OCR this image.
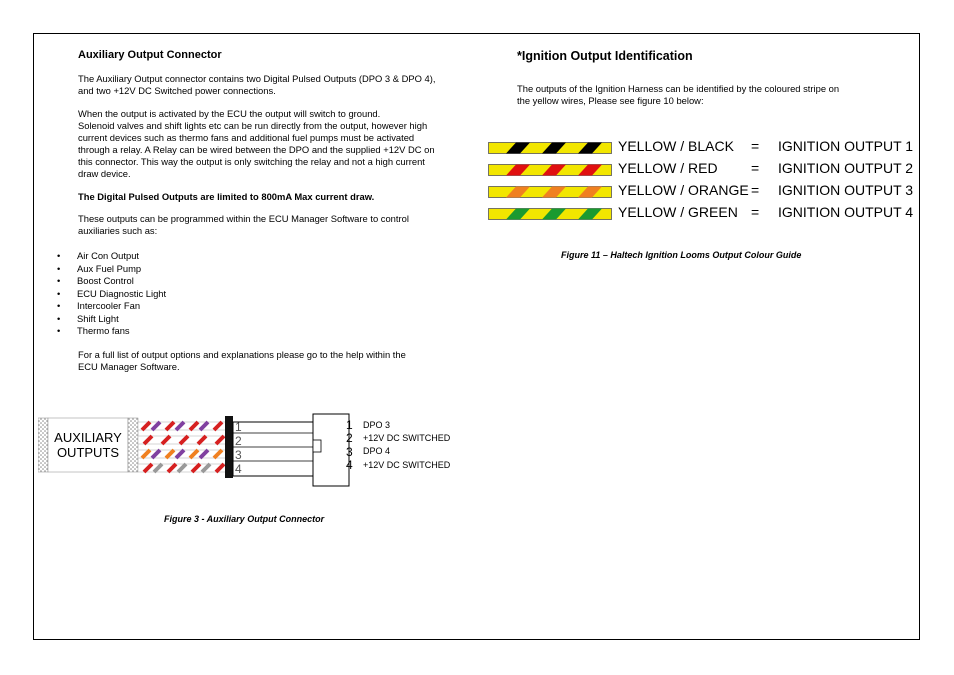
Auxiliary Output Connector
The Auxiliary Output connector contains two Digital Pulsed Outputs (DPO 3 & DPO 4),
and two +12V DC Switched power connections.
When the output is activated by the ECU the output will switch to ground.
Solenoid valves and shift lights etc can be run directly from the output, however high
current devices such as thermo fans and additional fuel pumps must be activated
through a relay. A Relay can be wired between the DPO and the supplied +12V DC on
this connector. This way the output is only switching the relay and not a high current
draw device.
The Digital Pulsed Outputs are limited to 800mA Max current draw.
These outputs can be programmed within the ECU Manager Software to control
auxiliaries such as:
• Air Con Output
• Aux Fuel Pump
• Boost Control
• ECU Diagnostic Light
• Intercooler Fan
• Shift Light
• Thermo fans
For a full list of output options and explanations please go to the help within the
ECU Manager Software.
AUXILIARY
OUTPUTS
1
2
3
4
1 DPO 3
2 +12V DC SWITCHED
3 DPO 4
4 +12V DC SWITCHED
Figure 3 - Auxiliary Output Connector
*Ignition Output Identification
The outputs of the Ignition Harness can be identified by the coloured stripe on
the yellow wires, Please see figure 10 below:
YELLOW / BLACK = IGNITION OUTPUT 1
YELLOW / RED = IGNITION OUTPUT 2
YELLOW / ORANGE = IGNITION OUTPUT 3
YELLOW / GREEN = IGNITION OUTPUT 4
Figure 11 – Haltech Ignition Looms Output Colour Guide
